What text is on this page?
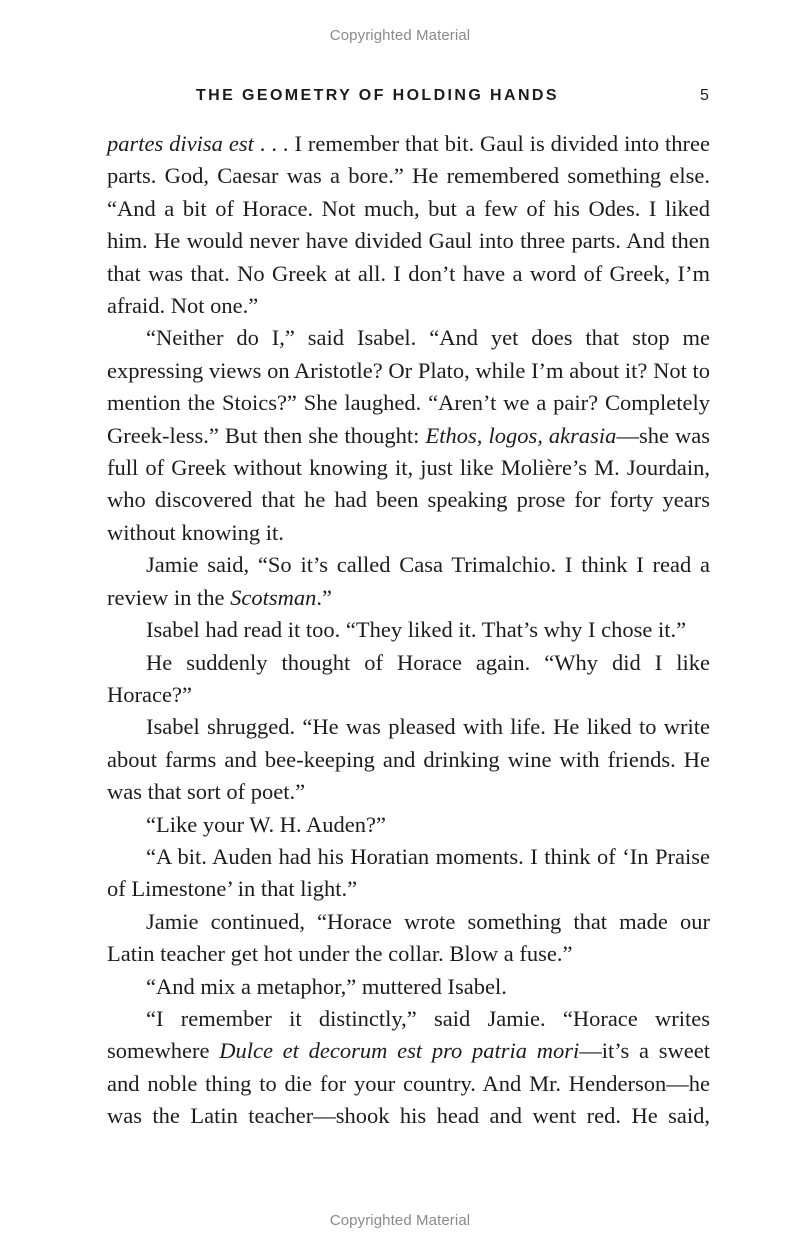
Copyrighted Material
THE GEOMETRY OF HOLDING HANDS	5

partes divisa est . . . I remember that bit. Gaul is divided into three parts. God, Caesar was a bore.” He remembered something else. “And a bit of Horace. Not much, but a few of his Odes. I liked him. He would never have divided Gaul into three parts. And then that was that. No Greek at all. I don’t have a word of Greek, I’m afraid. Not one.”

“Neither do I,” said Isabel. “And yet does that stop me expressing views on Aristotle? Or Plato, while I’m about it? Not to mention the Stoics?” She laughed. “Aren’t we a pair? Completely Greek-less.” But then she thought: Ethos, logos, akrasia—she was full of Greek without knowing it, just like Molière’s M. Jourdain, who discovered that he had been speaking prose for forty years without knowing it.

Jamie said, “So it’s called Casa Trimalchio. I think I read a review in the Scotsman.”

Isabel had read it too. “They liked it. That’s why I chose it.”

He suddenly thought of Horace again. “Why did I like Horace?”

Isabel shrugged. “He was pleased with life. He liked to write about farms and bee-keeping and drinking wine with friends. He was that sort of poet.”

“Like your W. H. Auden?”

“A bit. Auden had his Horatian moments. I think of ‘In Praise of Limestone’ in that light.”

Jamie continued, “Horace wrote something that made our Latin teacher get hot under the collar. Blow a fuse.”

“And mix a metaphor,” muttered Isabel.

“I remember it distinctly,” said Jamie. “Horace writes somewhere Dulce et decorum est pro patria mori—it’s a sweet and noble thing to die for your country. And Mr. Henderson—he was the Latin teacher—shook his head and went red. He said,

Copyrighted Material
